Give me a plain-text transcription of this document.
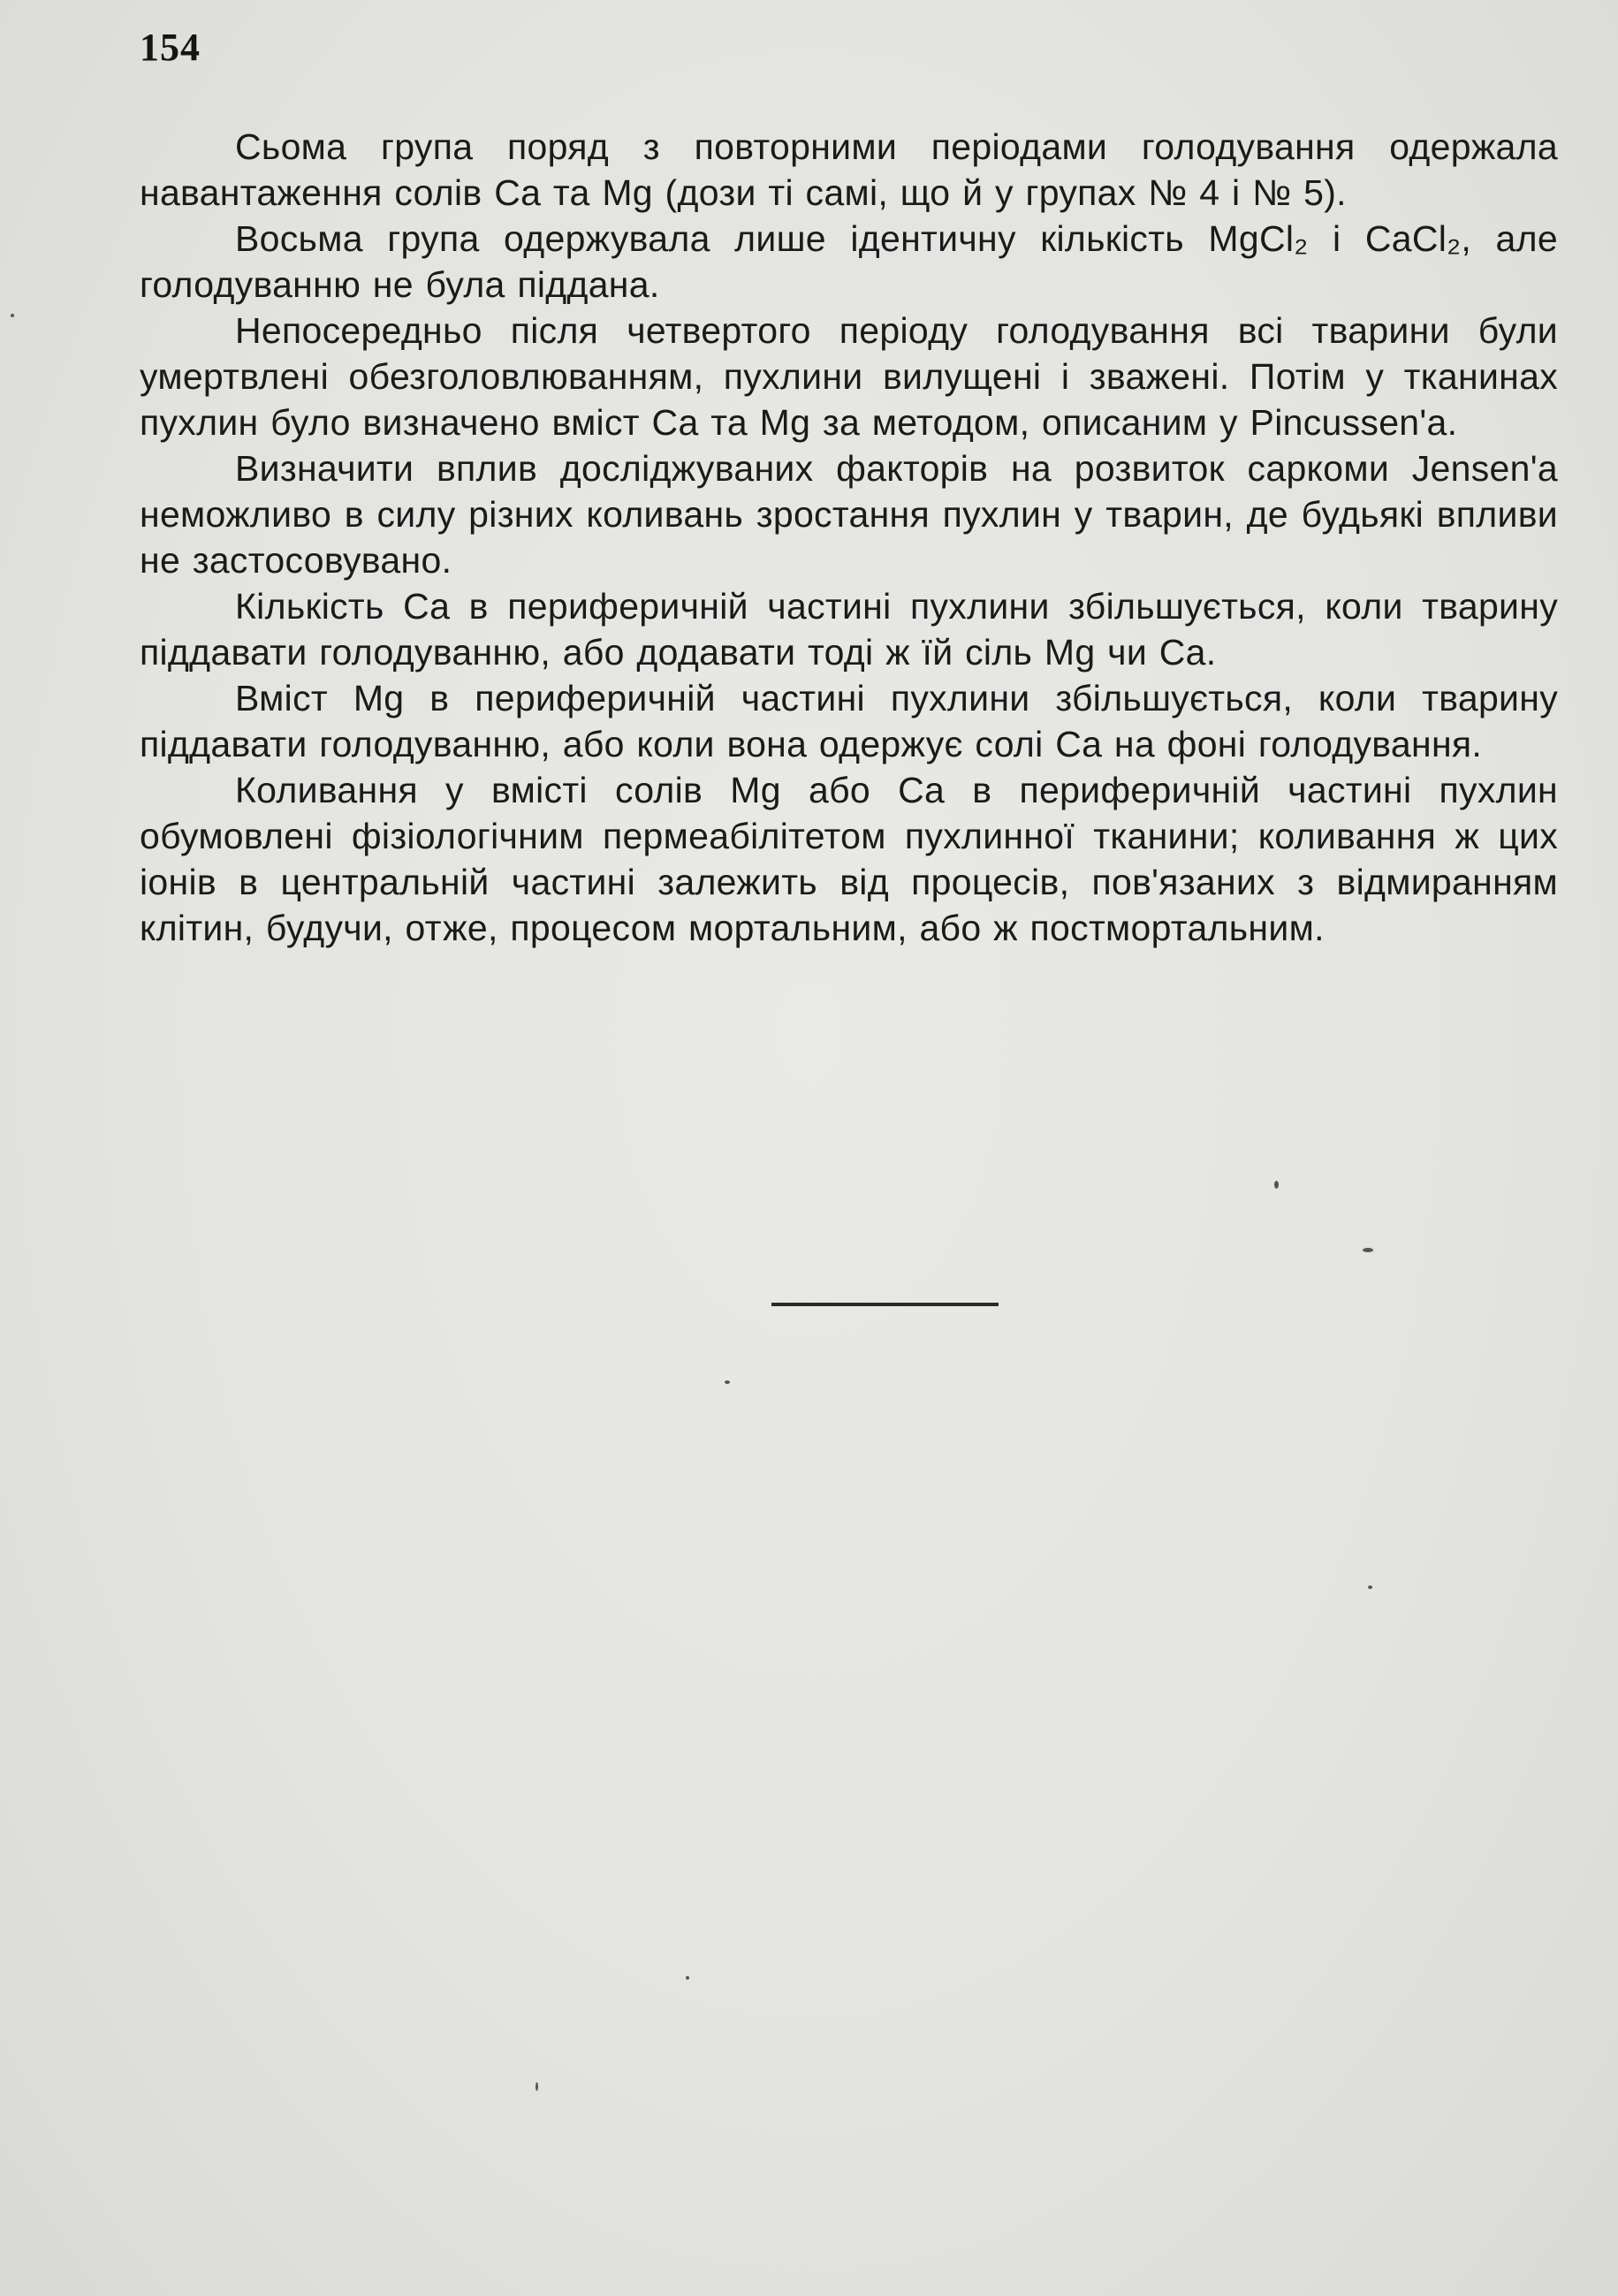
154

Сьома група поряд з повторними періодами голодування одержала навантаження солів Ca та Mg (дози ті самі, що й у групах № 4 і № 5).

Восьма група одержувала лише ідентичну кількість MgCl₂ і CaCl₂, але голодуванню не була піддана.

Непосередньо після четвертого періоду голодування всі тварини були умертвлені обезголовлюванням, пухлини вилущені і зважені. Потім у тканинах пухлин було визначено вміст Ca та Mg за методом, описаним у Pincussen'a.

Визначити вплив досліджуваних факторів на розвиток саркоми Jensen'a неможливо в силу різних коливань зростання пухлин у тварин, де будьякі впливи не застосовувано.

Кількість Ca в периферичній частині пухлини збільшується, коли тварину піддавати голодуванню, або додавати тоді ж їй сіль Mg чи Ca.

Вміст Mg в периферичній частині пухлини збільшується, коли тварину піддавати голодуванню, або коли вона одержує солі Ca на фоні голодування.

Коливання у вмісті солів Mg або Ca в периферичній частині пухлин обумовлені фізіологічним пермеабілітетом пухлинної тканини; коливання ж цих іонів в центральній частині залежить від процесів, пов'язаних з відмиранням клітин, будучи, отже, процесом мортальним, або ж постмортальним.
